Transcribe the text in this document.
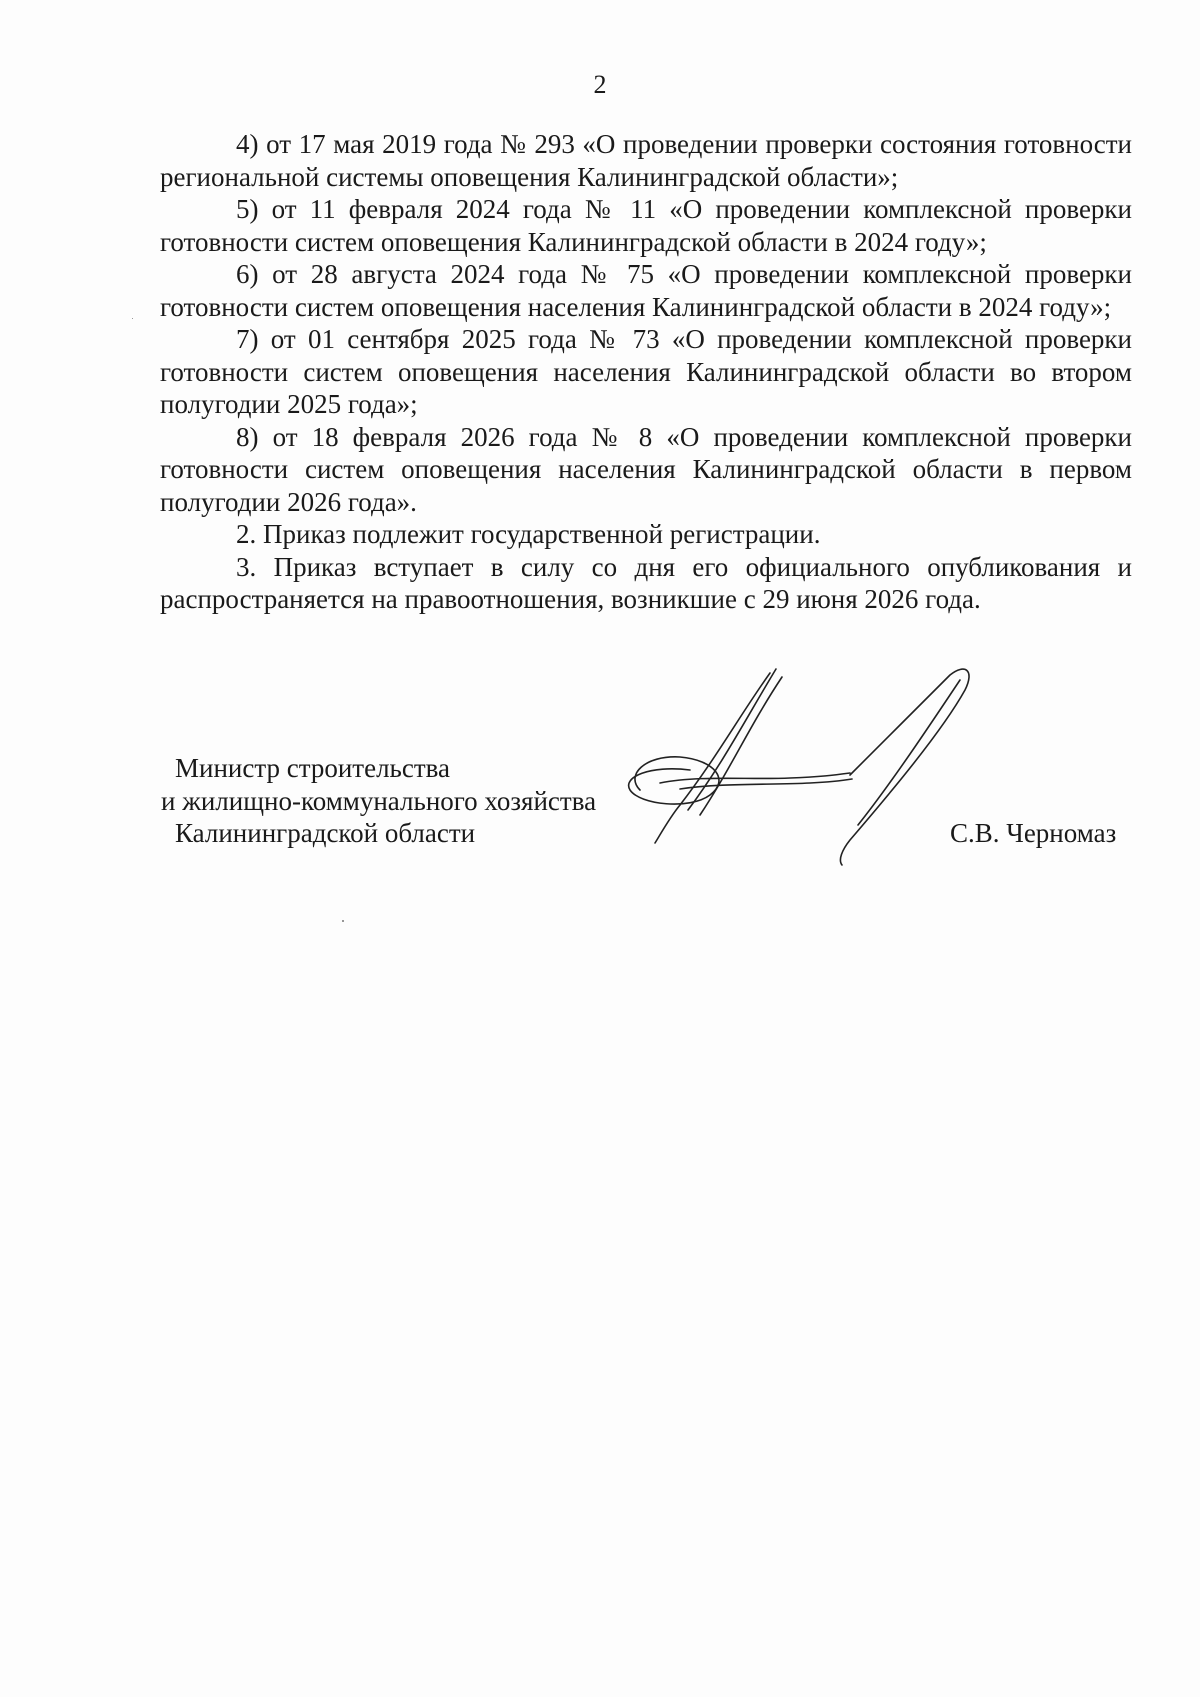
2

4) от 17 мая 2019 года № 293 «О проведении проверки состояния готовности региональной системы оповещения Калининградской области»;

5) от 11 февраля 2024 года № 11 «О проведении комплексной проверки готовности систем оповещения Калининградской области в 2024 году»;

6) от 28 августа 2024 года № 75 «О проведении комплексной проверки готовности систем оповещения населения Калининградской области в 2024 году»;

7) от 01 сентября 2025 года № 73 «О проведении комплексной проверки готовности систем оповещения населения Калининградской области во втором полугодии 2025 года»;

8) от 18 февраля 2026 года № 8 «О проведении комплексной проверки готовности систем оповещения населения Калининградской области в первом полугодии 2026 года».

2. Приказ подлежит государственной регистрации.

3. Приказ вступает в силу со дня его официального опубликования и распространяется на правоотношения, возникшие с 29 июня 2026 года.

Министр строительства
и жилищно-коммунального хозяйства
Калининградской области	С.В. Черномаз
